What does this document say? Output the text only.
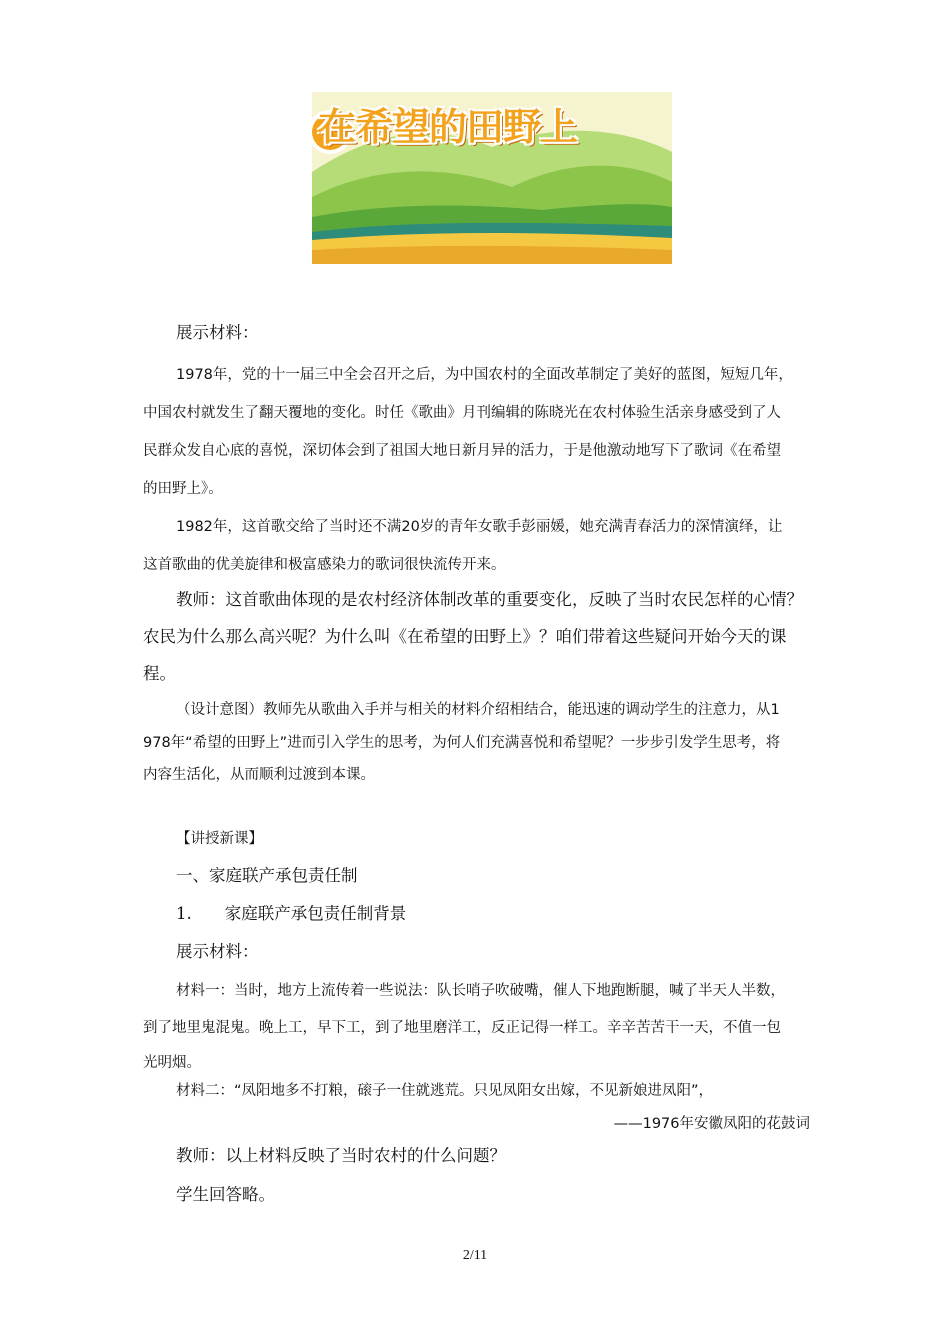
在希望的田野上
展示材料：
1978年，党的十一届三中全会召开之后，为中国农村的全面改革制定了美好的蓝图，短短几年，
中国农村就发生了翻天覆地的变化。时任《歌曲》月刊编辑的陈晓光在农村体验生活亲身感受到了人
民群众发自心底的喜悦，深切体会到了祖国大地日新月异的活力，于是他激动地写下了歌词《在希望
的田野上》。
1982年，这首歌交给了当时还不满20岁的青年女歌手彭丽媛，她充满青春活力的深情演绎，让
这首歌曲的优美旋律和极富感染力的歌词很快流传开来。
教师：这首歌曲体现的是农村经济体制改革的重要变化，反映了当时农民怎样的心情？
农民为什么那么高兴呢？为什么叫《在希望的田野上》？咱们带着这些疑问开始今天的课
程。
（设计意图）教师先从歌曲入手并与相关的材料介绍相结合，能迅速的调动学生的注意力，从1
978年“希望的田野上”进而引入学生的思考，为何人们充满喜悦和希望呢？一步步引发学生思考，将
内容生活化，从而顺利过渡到本课。
【讲授新课】
一、家庭联产承包责任制
1.　　家庭联产承包责任制背景
展示材料：
材料一：当时，地方上流传着一些说法：队长哨子吹破嘴，催人下地跑断腿，喊了半天人半数，
到了地里鬼混鬼。晚上工，早下工，到了地里磨洋工，反正记得一样工。辛辛苦苦干一天，不值一包
光明烟。
材料二：“凤阳地多不打粮，磙子一住就逃荒。只见凤阳女出嫁，不见新娘进凤阳”，
——1976年安徽凤阳的花鼓词
教师：以上材料反映了当时农村的什么问题？
学生回答略。
2/11
